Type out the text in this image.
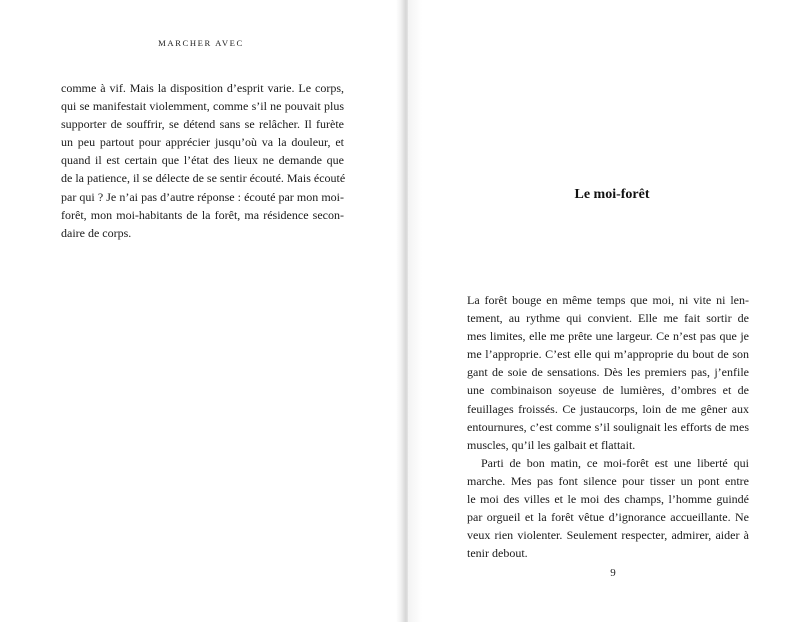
MARCHER AVEC
comme à vif. Mais la disposition d’esprit varie. Le corps,
qui se manifestait violemment, comme s’il ne pouvait plus
supporter de souffrir, se détend sans se relâcher. Il furète
un peu partout pour apprécier jusqu’où va la douleur, et
quand il est certain que l’état des lieux ne demande que
de la patience, il se délecte de se sentir écouté. Mais écouté
par qui ? Je n’ai pas d’autre réponse : écouté par mon moi-
forêt, mon moi-habitants de la forêt, ma résidence secon-
daire de corps.
Le moi-forêt
La forêt bouge en même temps que moi, ni vite ni len-
tement, au rythme qui convient. Elle me fait sortir de
mes limites, elle me prête une largeur. Ce n’est pas que je
me l’approprie. C’est elle qui m’approprie du bout de son
gant de soie de sensations. Dès les premiers pas, j’enfile
une combinaison soyeuse de lumières, d’ombres et de
feuillages froissés. Ce justaucorps, loin de me gêner aux
entournures, c’est comme s’il soulignait les efforts de mes
muscles, qu’il les galbait et flattait.
Parti de bon matin, ce moi-forêt est une liberté qui
marche. Mes pas font silence pour tisser un pont entre
le moi des villes et le moi des champs, l’homme guindé
par orgueil et la forêt vêtue d’ignorance accueillante. Ne
veux rien violenter. Seulement respecter, admirer, aider à
tenir debout.
9
